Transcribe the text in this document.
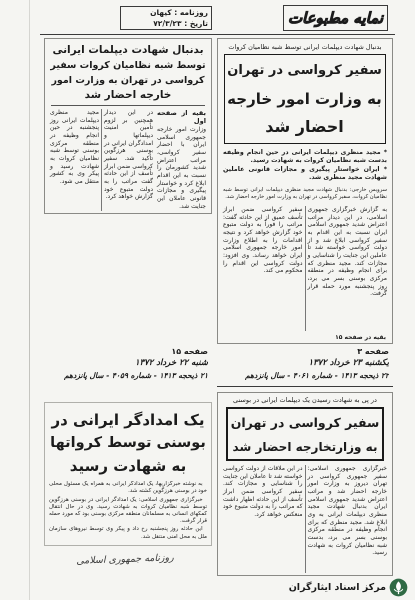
روزنامه : کیهان
تاریخ : ۷۲/۳/۲۳	نمایه مطبوعات
بدنبال شهادت دیپلمات ایرانی
توسط شبه نظامیان کروات سفیر
کرواسی در تهران به وزارت امور
خارجه احضار شد
بقیه از صفحه اول
وزارت امور خارجه جمهوری اسلامی ایران با احضار سفیر کرواسی، مراتب اعتراض شدید کشورمان را نسبت به این اقدام ابلاغ کرد و خواستار پیگیری و مجازات قانونی عاملان این جنایت شد.
در این دیدار همچنین بر لزوم تأمین امنیت دیپلماتها و امدادگران ایرانی در بوسنی هرزگوین تأکید شد. سفیر کرواسی ضمن ابراز تأسف از این حادثه گفت مراتب را به دولت متبوع خود گزارش خواهد کرد.
مجید منظری دیپلمات ایرانی روز پنجشنبه در حین انجام وظیفه در منطقه مرکزی بوسنی توسط شبه نظامیان کروات به شهادت رسید و پیکر وی به کشور منتقل می شود.
بدنبال شهادت دیپلمات ایرانی توسط شبه نظامیان کروات
سفیر کرواسی در تهران
به وزارت امور خارجه
احضار شد
* مجید منظری دیپلمات ایرانی در حین انجام وظیفه بدست شبه نظامیان کروات به شهادت رسید.
* ایران خواستار پیگیری و مجازات قانونی عاملین شهادت مجید منظری شد.
سرویس خارجی: بدنبال شهادت مجید منظری دیپلمات ایرانی توسط شبه نظامیان کروات، سفیر کرواسی در تهران به وزارت امور خارجه احضار شد.
به گزارش خبرگزاری جمهوری اسلامی، در این دیدار مراتب اعتراض شدید جمهوری اسلامی ایران نسبت به این اقدام به سفیر کرواسی ابلاغ شد و از دولت کرواسی خواسته شد تا عاملین این جنایت را شناسایی و مجازات کند. مجید منظری که برای انجام وظیفه در منطقه مرکزی بوسنی بسر می برد، روز پنجشنبه مورد حمله قرار گرفت.
سفیر کرواسی ضمن ابراز تأسف عمیق از این حادثه گفت: مراتب را فوراً به دولت متبوع خود گزارش خواهد کرد و نتیجه اقدامات را به اطلاع وزارت امور خارجه جمهوری اسلامی ایران خواهد رساند. وی افزود: دولت کرواسی این اقدام را محکوم می کند.
بقیه در صفحه ۱۵
صفحه ۱۵
شنبه ۲۲ خرداد ۱۳۷۲
۲۱ ذیحجه ۱۴۱۳ - شماره ۴۰۵۹ - سال پانزدهم
صفحه ۳
یکشنبه ۲۳ خرداد ۱۳۷۲
۲۲ ذیحجه ۱۴۱۳ - شماره ۴۰۶۱ - سال پانزدهم
یک امدادگر ایرانی در
بوسنی توسط کرواتها
به شهادت رسید

به نوشته خبرگزاریها، یک امدادگر ایرانی به همراه یک مسئول محلی خود در بوسنی هرزگوین کشته شد.

خبرگزاری جمهوری اسلامی: یک امدادگر ایرانی در بوسنی هرزگوین توسط شبه نظامیان کروات به شهادت رسید. وی در حال انتقال کمکهای انسانی به مسلمانان منطقه مرکزی بوسنی بود که مورد حمله قرار گرفت.

این حادثه روز پنجشنبه رخ داد و پیکر وی توسط نیروهای سازمان ملل به محل امنی منتقل شد.

روزنامه جمهوری اسلامی
در پی به شهادت رسیدن یک دیپلمات ایرانی در بوسنی
سفیر کرواسی در تهران
به وزارتخارجه احضار شد
خبرگزاری جمهوری اسلامی: سفیر جمهوری کرواسی در تهران دیروز به وزارت امور خارجه احضار شد و مراتب اعتراض شدید جمهوری اسلامی ایران بدنبال شهادت مجید منظری دیپلمات ایرانی به وی ابلاغ شد. مجید منظری که برای انجام وظیفه در منطقه مرکزی بوسنی بسر می برد، بدست شبه نظامیان کروات به شهادت رسید.
در این ملاقات از دولت کرواسی خواسته شد تا عاملان این جنایت را شناسایی و مجازات کند. سفیر کرواسی ضمن ابراز تأسف از این حادثه اظهار داشت که مراتب را به دولت متبوع خود منعکس خواهد کرد.
مرکز اسناد ایثارگران
